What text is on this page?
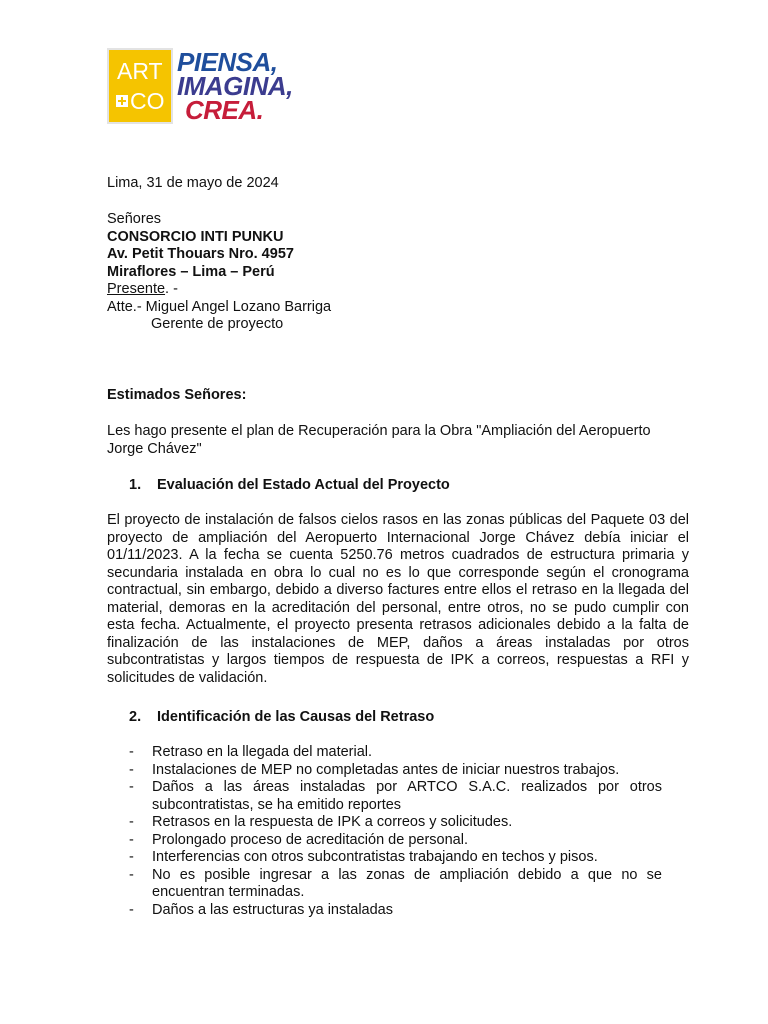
ART
CO
PIENSA,
IMAGINA,
CREA.
Lima, 31 de mayo de 2024
Señores
CONSORCIO INTI PUNKU
Av. Petit Thouars Nro. 4957
Miraflores – Lima – Perú
Presente. -
Atte.- Miguel Angel Lozano Barriga
Gerente de proyecto
Estimados Señores:
Les hago presente el plan de Recuperación para la Obra "Ampliación del Aeropuerto Jorge Chávez"
1. Evaluación del Estado Actual del Proyecto
El proyecto de instalación de falsos cielos rasos en las zonas públicas del Paquete 03 del proyecto de ampliación del Aeropuerto Internacional Jorge Chávez debía iniciar el 01/11/2023. A la fecha se cuenta 5250.76 metros cuadrados de estructura primaria y secundaria instalada en obra lo cual no es lo que corresponde según el cronograma contractual, sin embargo, debido a diverso factures entre ellos el retraso en la llegada del material, demoras en la acreditación del personal, entre otros, no se pudo cumplir con esta fecha. Actualmente, el proyecto presenta retrasos adicionales debido a la falta de finalización de las instalaciones de MEP, daños a áreas instaladas por otros subcontratistas y largos tiempos de respuesta de IPK a correos, respuestas a RFI y solicitudes de validación.
2. Identificación de las Causas del Retraso
- Retraso en la llegada del material.
- Instalaciones de MEP no completadas antes de iniciar nuestros trabajos.
- Daños a las áreas instaladas por ARTCO S.A.C. realizados por otros subcontratistas, se ha emitido reportes
- Retrasos en la respuesta de IPK a correos y solicitudes.
- Prolongado proceso de acreditación de personal.
- Interferencias con otros subcontratistas trabajando en techos y pisos.
- No es posible ingresar a las zonas de ampliación debido a que no se encuentran terminadas.
- Daños a las estructuras ya instaladas
